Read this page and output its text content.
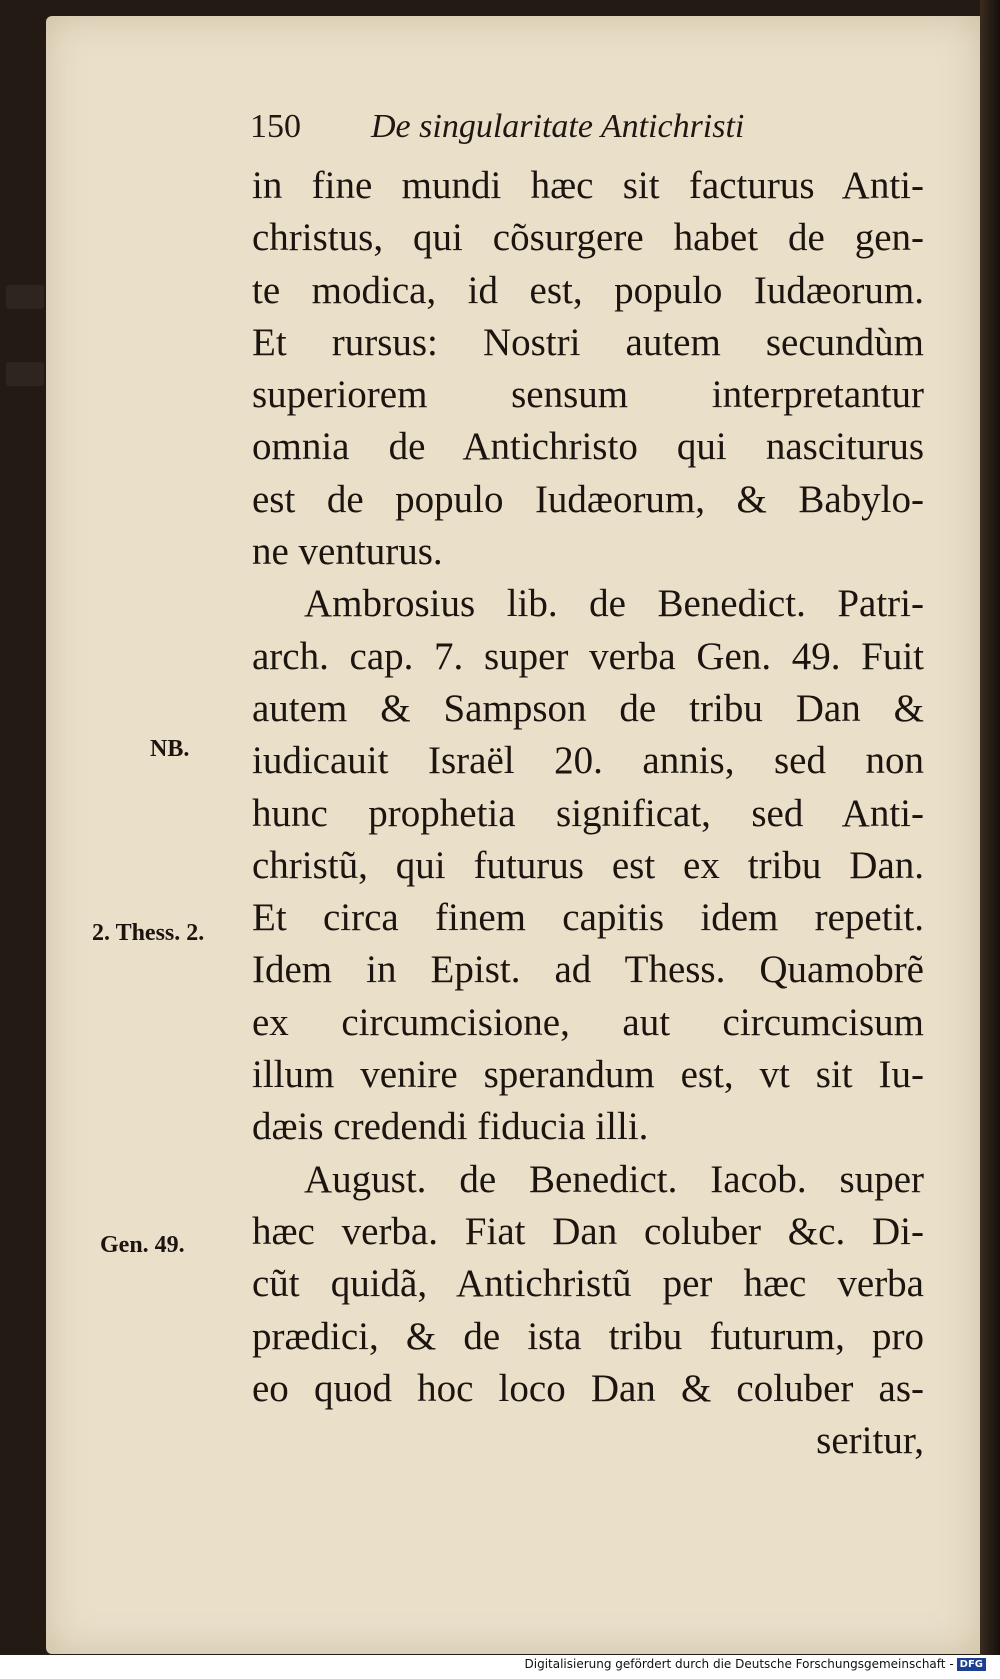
150 De singularitate Antichristi
in fine mundi hæc sit facturus Anti-
christus, qui cõsurgere habet de gen-
te modica, id est, populo Iudæorum.
Et rursus: Nostri autem secundùm
superiorem sensum interpretantur
omnia de Antichristo qui nasciturus
est de populo Iudæorum, & Babylo-
ne venturus.
Ambrosius lib. de Benedict. Patri-
arch. cap. 7. super verba Gen. 49. Fuit
autem & Sampson de tribu Dan &
iudicauit Israël 20. annis, sed non
hunc prophetia significat, sed Anti-
christũ, qui futurus est ex tribu Dan.
Et circa finem capitis idem repetit.
Idem in Epist. ad Thess. Quamobrẽ
ex circumcisione, aut circumcisum
illum venire sperandum est, vt sit Iu-
dæis credendi fiducia illi.
August. de Benedict. Iacob. super
hæc verba. Fiat Dan coluber &c. Di-
cũt quidã, Antichristũ per hæc verba
prædici, & de ista tribu futurum, pro
eo quod hoc loco Dan & coluber as-
seritur,
NB.
2. Thess. 2.
Gen. 49.
Digitalisierung gefördert durch die Deutsche Forschungsgemeinschaft - DFG
